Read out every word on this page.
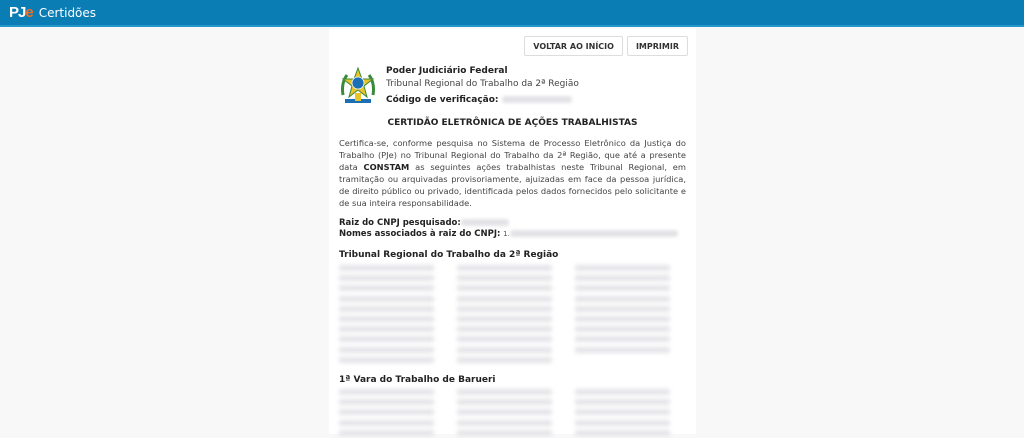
PJe Certidões
VOLTAR AO INÍCIO	IMPRIMIR
Poder Judiciário Federal
Tribunal Regional do Trabalho da 2ª Região
Código de verificação:
CERTIDÃO ELETRÔNICA DE AÇÕES TRABALHISTAS
Certifica-se, conforme pesquisa no Sistema de Processo Eletrônico da Justiça do Trabalho (PJe) no Tribunal Regional do Trabalho da 2ª Região, que até a presente data CONSTAM as seguintes ações trabalhistas neste Tribunal Regional, em tramitação ou arquivadas provisoriamente, ajuizadas em face da pessoa jurídica, de direito público ou privado, identificada pelos dados fornecidos pelo solicitante e de sua inteira responsabilidade.
Raiz do CNPJ pesquisado:
Nomes associados à raiz do CNPJ: 1.
Tribunal Regional do Trabalho da 2ª Região
1ª Vara do Trabalho de Barueri
